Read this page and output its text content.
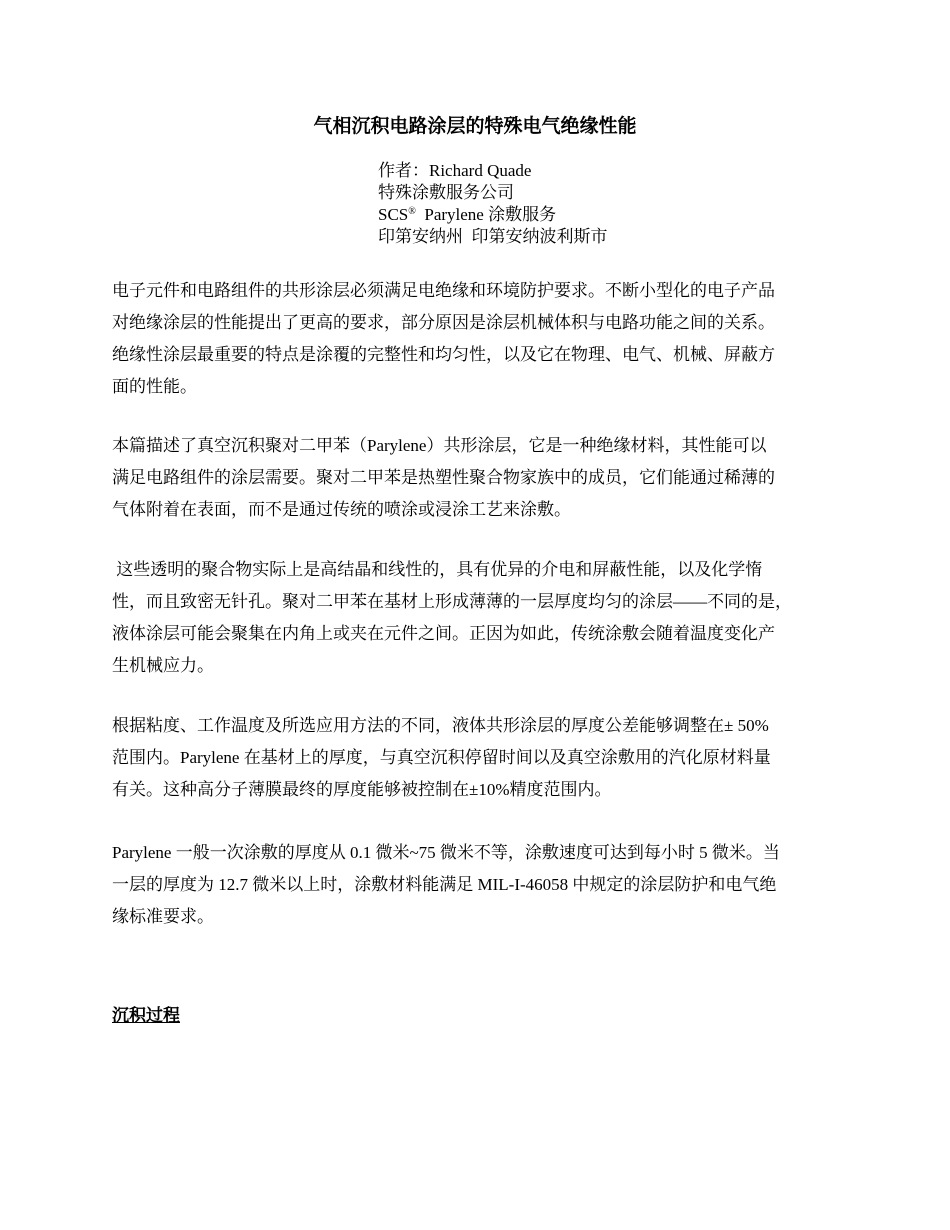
气相沉积电路涂层的特殊电气绝缘性能
作者：Richard Quade
特殊涂敷服务公司
SCS®  Parylene 涂敷服务
印第安纳州  印第安纳波利斯市
电子元件和电路组件的共形涂层必须满足电绝缘和环境防护要求。不断小型化的电子产品
对绝缘涂层的性能提出了更高的要求，部分原因是涂层机械体积与电路功能之间的关系。
绝缘性涂层最重要的特点是涂覆的完整性和均匀性，以及它在物理、电气、机械、屏蔽方
面的性能。
本篇描述了真空沉积聚对二甲苯（Parylene）共形涂层，它是一种绝缘材料，其性能可以
满足电路组件的涂层需要。聚对二甲苯是热塑性聚合物家族中的成员，它们能通过稀薄的
气体附着在表面，而不是通过传统的喷涂或浸涂工艺来涂敷。
这些透明的聚合物实际上是高结晶和线性的，具有优异的介电和屏蔽性能，以及化学惰
性，而且致密无针孔。聚对二甲苯在基材上形成薄薄的一层厚度均匀的涂层——不同的是，
液体涂层可能会聚集在内角上或夹在元件之间。正因为如此，传统涂敷会随着温度变化产
生机械应力。
根据粘度、工作温度及所选应用方法的不同，液体共形涂层的厚度公差能够调整在± 50%
范围内。Parylene 在基材上的厚度，与真空沉积停留时间以及真空涂敷用的汽化原材料量
有关。这种高分子薄膜最终的厚度能够被控制在±10%精度范围内。
Parylene 一般一次涂敷的厚度从 0.1 微米~75 微米不等，涂敷速度可达到每小时 5 微米。当
一层的厚度为 12.7 微米以上时，涂敷材料能满足 MIL-I-46058 中规定的涂层防护和电气绝
缘标准要求。
沉积过程
